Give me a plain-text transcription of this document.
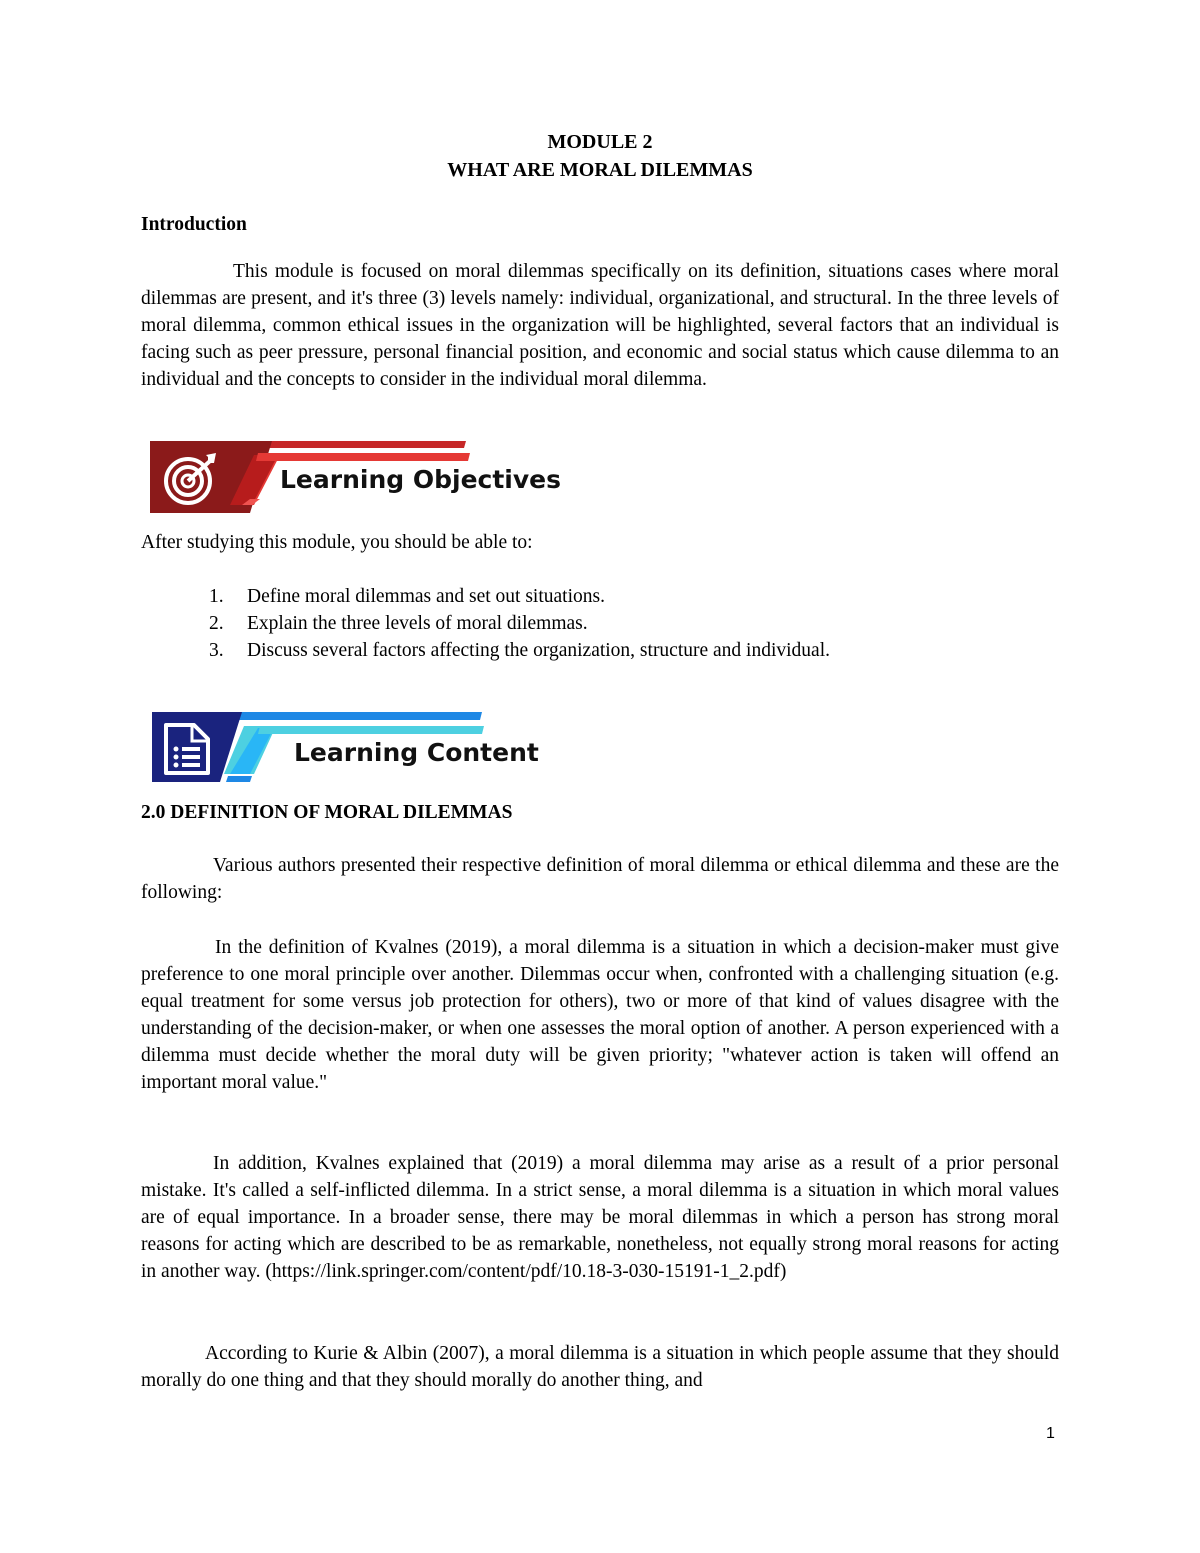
MODULE 2
WHAT ARE MORAL DILEMMAS
Introduction

This module is focused on moral dilemmas specifically on its definition, situations cases where moral dilemmas are present, and it's three (3) levels namely: individual, organizational, and structural. In the three levels of moral dilemma, common ethical issues in the organization will be highlighted, several factors that an individual is facing such as peer pressure, personal financial position, and economic and social status which cause dilemma to an individual and the concepts to consider in the individual moral dilemma.

Learning Objectives
After studying this module, you should be able to:
1. Define moral dilemmas and set out situations.
2. Explain the three levels of moral dilemmas.
3. Discuss several factors affecting the organization, structure and individual.
Learning Content
2.0 DEFINITION OF MORAL DILEMMAS

Various authors presented their respective definition of moral dilemma or ethical dilemma and these are the following:

In the definition of Kvalnes (2019), a moral dilemma is a situation in which a decision-maker must give preference to one moral principle over another. Dilemmas occur when, confronted with a challenging situation (e.g. equal treatment for some versus job protection for others), two or more of that kind of values disagree with the understanding of the decision-maker, or when one assesses the moral option of another. A person experienced with a dilemma must decide whether the moral duty will be given priority; "whatever action is taken will offend an important moral value."

In addition, Kvalnes explained that (2019) a moral dilemma may arise as a result of a prior personal mistake. It's called a self-inflicted dilemma. In a strict sense, a moral dilemma is a situation in which moral values are of equal importance. In a broader sense, there may be moral dilemmas in which a person has strong moral reasons for acting which are described to be as remarkable, nonetheless, not equally strong moral reasons for acting in another way. (https://link.springer.com/content/pdf/10.18-3-030-15191-1_2.pdf)

According to Kurie & Albin (2007), a moral dilemma is a situation in which people assume that they should morally do one thing and that they should morally do another thing, and

1
